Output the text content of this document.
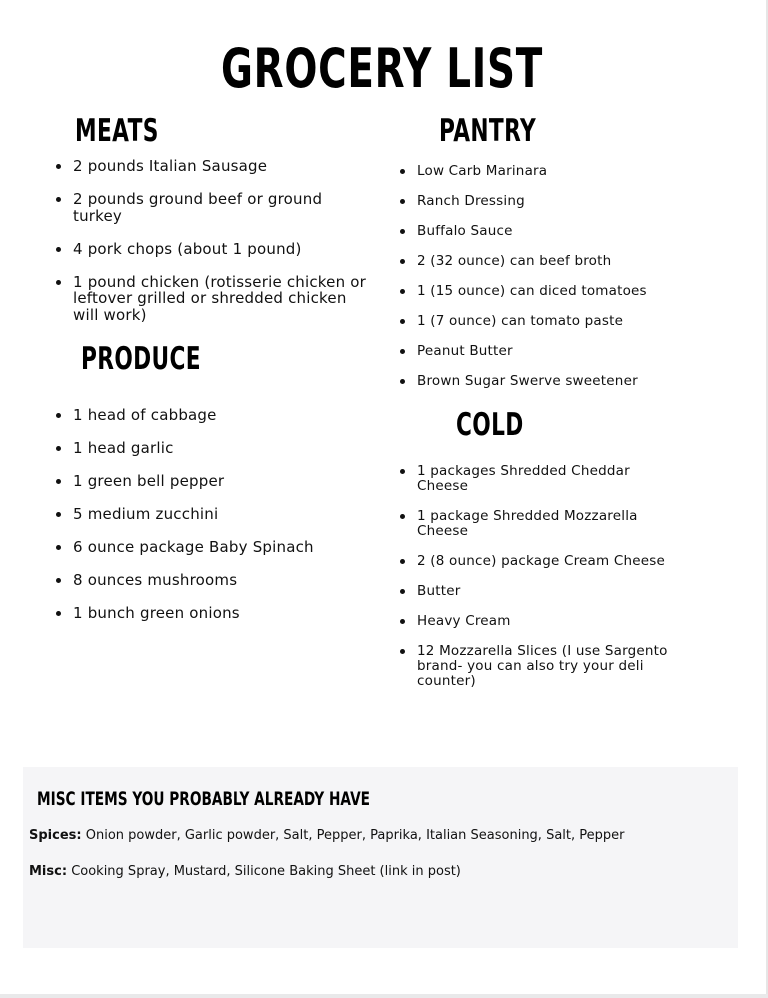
GROCERY LIST
MEATS
2 pounds Italian Sausage
2 pounds ground beef or ground turkey
4 pork chops (about 1 pound)
1 pound chicken (rotisserie chicken or leftover grilled or shredded chicken will work)
PRODUCE
1 head of cabbage
1 head garlic
1 green bell pepper
5 medium zucchini
6 ounce package Baby Spinach
8 ounces mushrooms
1 bunch green onions
PANTRY
Low Carb Marinara
Ranch Dressing
Buffalo Sauce
2 (32 ounce) can beef broth
1 (15 ounce) can diced tomatoes
1 (7 ounce) can tomato paste
Peanut Butter
Brown Sugar Swerve sweetener
COLD
1 packages Shredded Cheddar Cheese
1 package Shredded Mozzarella Cheese
2 (8 ounce) package Cream Cheese
Butter
Heavy Cream
12 Mozzarella Slices (I use Sargento brand- you can also try your deli counter)
MISC ITEMS YOU PROBABLY ALREADY HAVE
Spices: Onion powder, Garlic powder, Salt, Pepper, Paprika, Italian Seasoning, Salt, Pepper
Misc: Cooking Spray, Mustard, Silicone Baking Sheet (link in post)
